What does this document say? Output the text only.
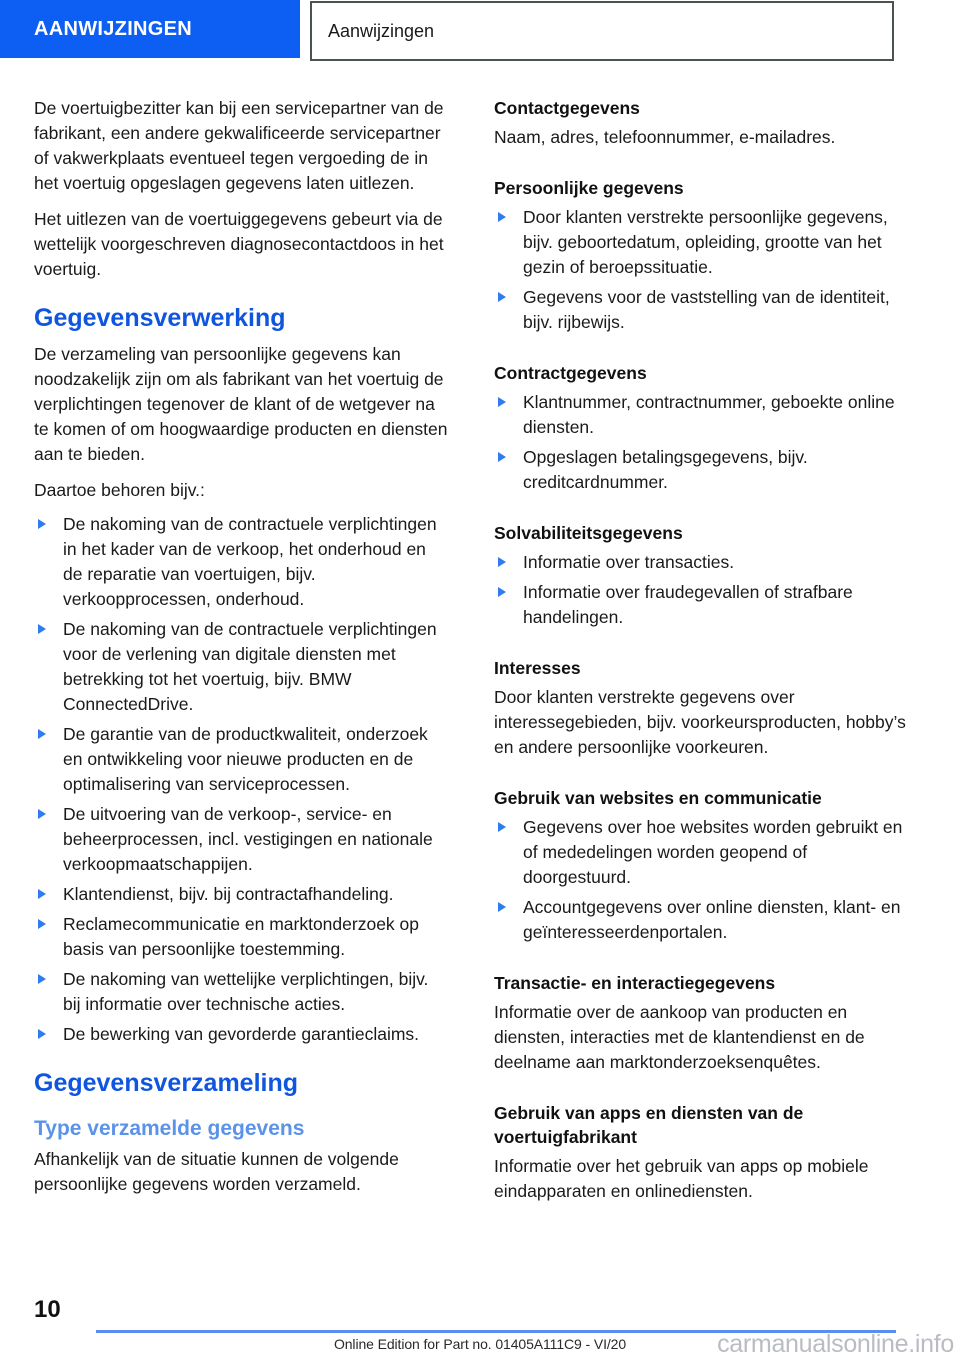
AANWIJZINGEN	Aanwijzingen

De voertuigbezitter kan bij een servicepartner van de fabrikant, een andere gekwalificeerde servicepartner of vakwerkplaats eventueel tegen vergoeding de in het voertuig opgeslagen gegevens laten uitlezen.

Het uitlezen van de voertuiggegevens gebeurt via de wettelijk voorgeschreven diagnosecontactdoos in het voertuig.

Gegevensverwerking

De verzameling van persoonlijke gegevens kan noodzakelijk zijn om als fabrikant van het voertuig de verplichtingen tegenover de klant of de wetgever na te komen of om hoogwaardige producten en diensten aan te bieden.

Daartoe behoren bijv.:

De nakoming van de contractuele verplichtingen in het kader van de verkoop, het onderhoud en de reparatie van voertuigen, bijv. verkoopprocessen, onderhoud.
De nakoming van de contractuele verplichtingen voor de verlening van digitale diensten met betrekking tot het voertuig, bijv. BMW ConnectedDrive.
De garantie van de productkwaliteit, onderzoek en ontwikkeling voor nieuwe producten en de optimalisering van serviceprocessen.
De uitvoering van de verkoop-, service- en beheerprocessen, incl. vestigingen en nationale verkoopmaatschappijen.
Klantendienst, bijv. bij contractafhandeling.
Reclamecommunicatie en marktonderzoek op basis van persoonlijke toestemming.
De nakoming van wettelijke verplichtingen, bijv. bij informatie over technische acties.
De bewerking van gevorderde garantieclaims.
Gegevensverzameling
Type verzamelde gegevens

Afhankelijk van de situatie kunnen de volgende persoonlijke gegevens worden verzameld.

Contactgegevens

Naam, adres, telefoonnummer, e-mailadres.

Persoonlijke gegevens
Door klanten verstrekte persoonlijke gegevens, bijv. geboortedatum, opleiding, grootte van het gezin of beroepssituatie.
Gegevens voor de vaststelling van de identiteit, bijv. rijbewijs.
Contractgegevens
Klantnummer, contractnummer, geboekte online diensten.
Opgeslagen betalingsgegevens, bijv. creditcardnummer.
Solvabiliteitsgegevens
Informatie over transacties.
Informatie over fraudegevallen of strafbare handelingen.
Interesses

Door klanten verstrekte gegevens over interessegebieden, bijv. voorkeursproducten, hobby’s en andere persoonlijke voorkeuren.

Gebruik van websites en communicatie
Gegevens over hoe websites worden gebruikt en of mededelingen worden geopend of doorgestuurd.
Accountgegevens over online diensten, klant- en geïnteresseerdenportalen.
Transactie- en interactiegegevens

Informatie over de aankoop van producten en diensten, interacties met de klantendienst en de deelname aan marktonderzoeksenquêtes.

Gebruik van apps en diensten van de voertuigfabrikant

Informatie over het gebruik van apps op mobiele eindapparaten en onlinediensten.

10
Online Edition for Part no. 01405A111C9 - VI/20	carmanualsonline.info
